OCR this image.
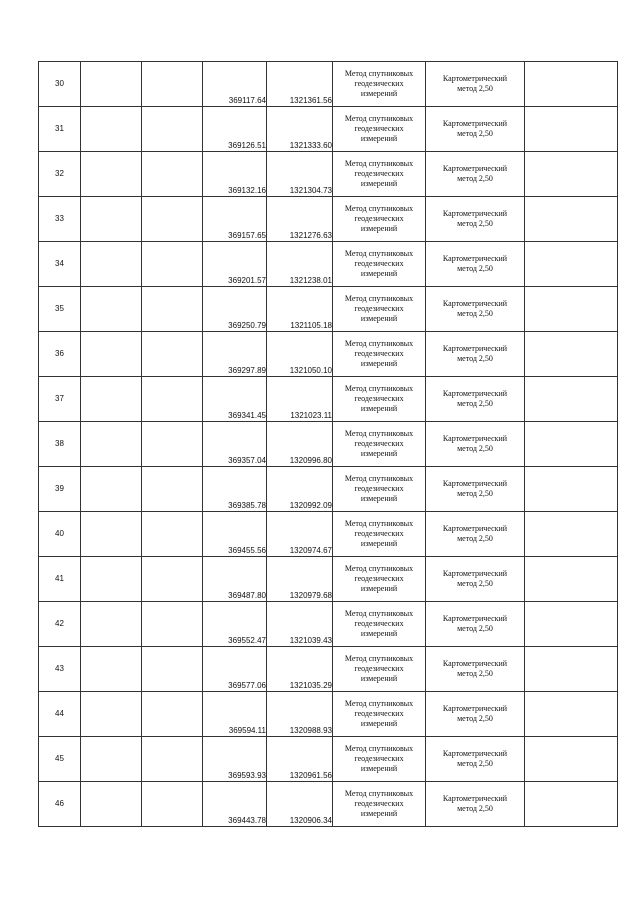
30			369117.64	1321361.56	Метод спутниковых
геодезических
измерений	Картометрический
метод 2,50	

31			369126.51	1321333.60	Метод спутниковых
геодезических
измерений	Картометрический
метод 2,50	

32			369132.16	1321304.73	Метод спутниковых
геодезических
измерений	Картометрический
метод 2,50	

33			369157.65	1321276.63	Метод спутниковых
геодезических
измерений	Картометрический
метод 2,50	

34			369201.57	1321238.01	Метод спутниковых
геодезических
измерений	Картометрический
метод 2,50	

35			369250.79	1321105.18	Метод спутниковых
геодезических
измерений	Картометрический
метод 2,50	

36			369297.89	1321050.10	Метод спутниковых
геодезических
измерений	Картометрический
метод 2,50	

37			369341.45	1321023.11	Метод спутниковых
геодезических
измерений	Картометрический
метод 2,50	

38			369357.04	1320996.80	Метод спутниковых
геодезических
измерений	Картометрический
метод 2,50	

39			369385.78	1320992.09	Метод спутниковых
геодезических
измерений	Картометрический
метод 2,50	

40			369455.56	1320974.67	Метод спутниковых
геодезических
измерений	Картометрический
метод 2,50	

41			369487.80	1320979.68	Метод спутниковых
геодезических
измерений	Картометрический
метод 2,50	

42			369552.47	1321039.43	Метод спутниковых
геодезических
измерений	Картометрический
метод 2,50	

43			369577.06	1321035.29	Метод спутниковых
геодезических
измерений	Картометрический
метод 2,50	

44			369594.11	1320988.93	Метод спутниковых
геодезических
измерений	Картометрический
метод 2,50	

45			369593.93	1320961.56	Метод спутниковых
геодезических
измерений	Картометрический
метод 2,50	

46			369443.78	1320906.34	Метод спутниковых
геодезических
измерений	Картометрический
метод 2,50	
